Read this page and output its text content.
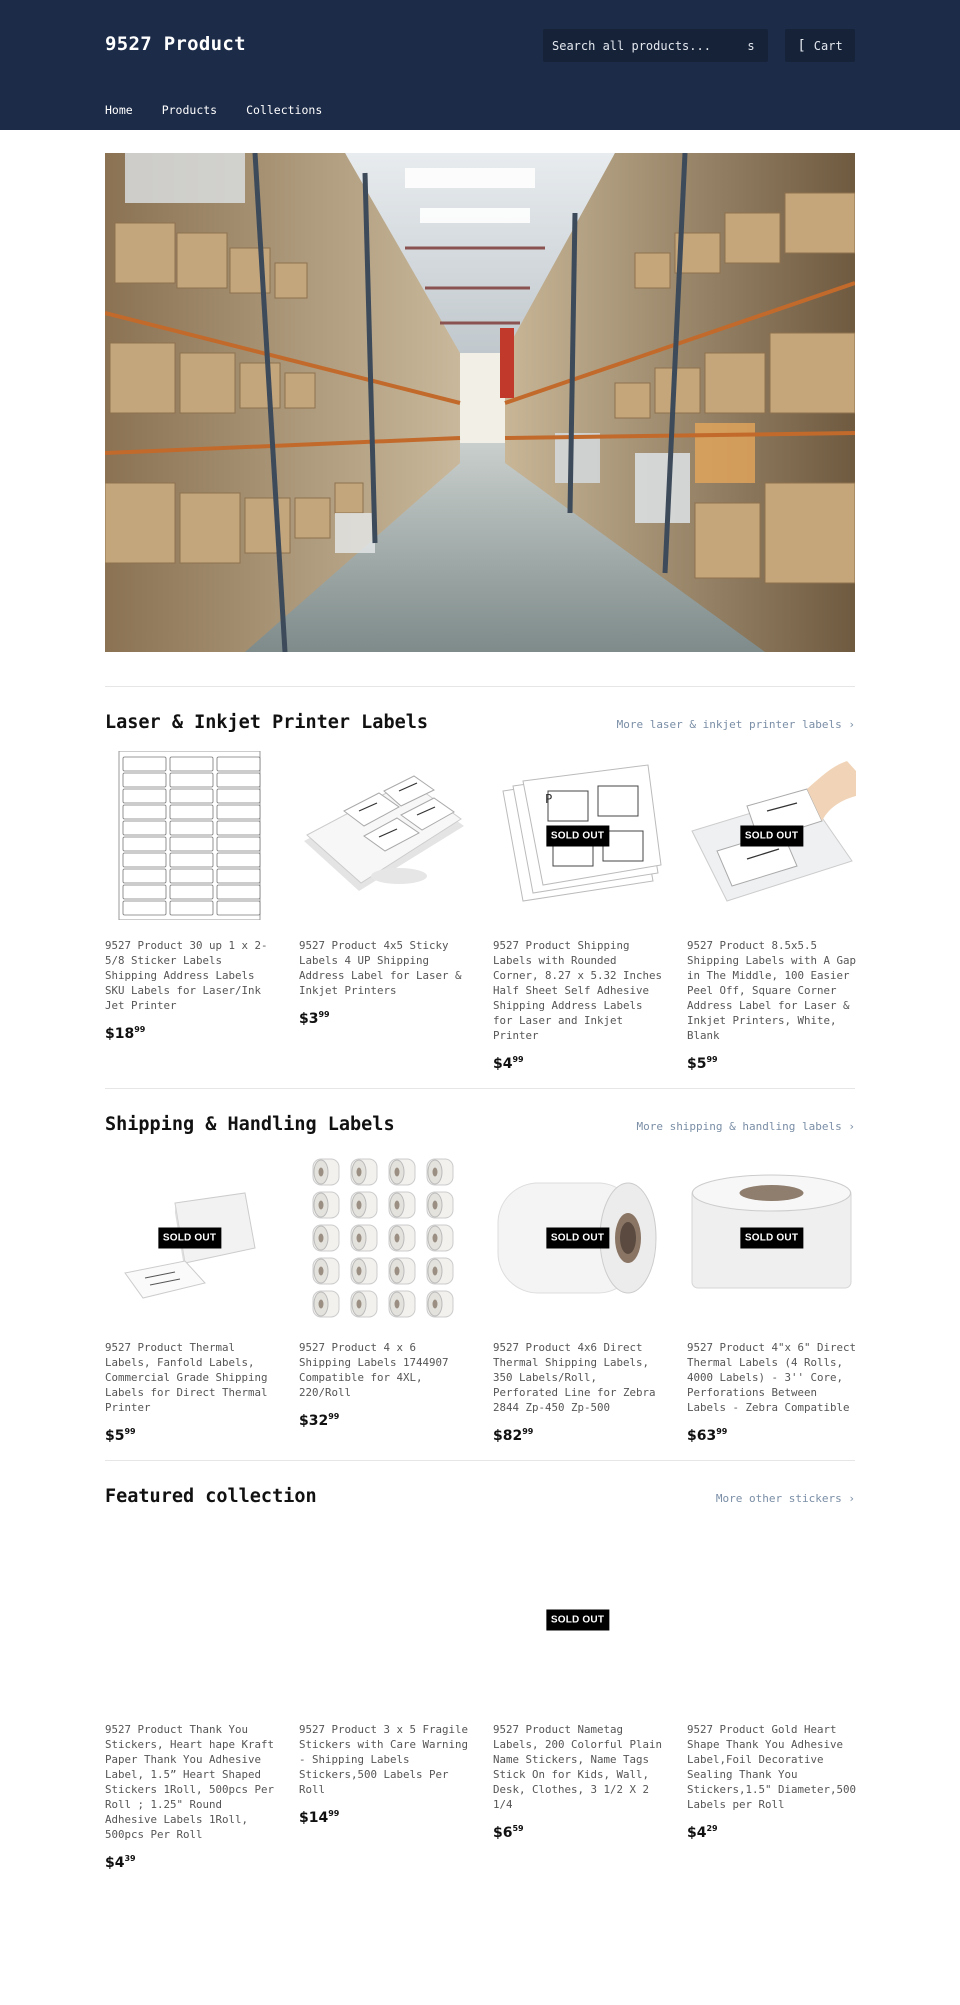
9527 Product
Search all products...	s	[ Cart
Home	Products	Collections
Laser & Inkjet Printer Labels	More laser & inkjet printer labels ›
9527 Product 30 up 1 x 2-5/8 Sticker Labels Shipping Address Labels SKU Labels for Laser/Ink Jet Printer
$\$18^{99}$
9527 Product 4x5 Sticky Labels 4 UP Shipping Address Label for Laser & Inkjet Printers
$\$3^{99}$
P
SOLD OUT
9527 Product Shipping Labels with Rounded Corner, 8.27 x 5.32 Inches Half Sheet Self Adhesive Shipping Address Labels for Laser and Inkjet Printer
$\$4^{99}$
SOLD OUT
9527 Product 8.5x5.5 Shipping Labels with A Gap in The Middle, 100 Easier Peel Off, Square Corner Address Label for Laser & Inkjet Printers, White, Blank
$\$5^{99}$
Shipping & Handling Labels	More shipping & handling labels ›
SOLD OUT
9527 Product Thermal Labels, Fanfold Labels, Commercial Grade Shipping Labels for Direct Thermal Printer
$\$5^{99}$
9527 Product 4 x 6 Shipping Labels 1744907 Compatible for 4XL, 220/Roll
$\$32^{99}$
SOLD OUT
9527 Product 4x6 Direct Thermal Shipping Labels, 350 Labels/Roll, Perforated Line for Zebra 2844 Zp-450 Zp-500
$\$82^{99}$
SOLD OUT
9527 Product 4"x 6" Direct Thermal Labels (4 Rolls, 4000 Labels) - 3'' Core, Perforations Between Labels - Zebra Compatible
$\$63^{99}$
Featured collection	More other stickers ›
9527 Product Thank You Stickers, Heart hape Kraft Paper Thank You Adhesive Label, 1.5” Heart Shaped Stickers 1Roll, 500pcs Per Roll ; 1.25" Round Adhesive Labels 1Roll, 500pcs Per Roll
$\$4^{39}$
9527 Product 3 x 5 Fragile Stickers with Care Warning - Shipping Labels Stickers,500 Labels Per Roll
$\$14^{99}$
SOLD OUT
9527 Product Nametag Labels, 200 Colorful Plain Name Stickers, Name Tags Stick On for Kids, Wall, Desk, Clothes, 3 1/2 X 2 1/4
$\$6^{59}$
9527 Product Gold Heart Shape Thank You Adhesive Label,Foil Decorative Sealing Thank You Stickers,1.5" Diameter,500 Labels per Roll
$\$4^{29}$
